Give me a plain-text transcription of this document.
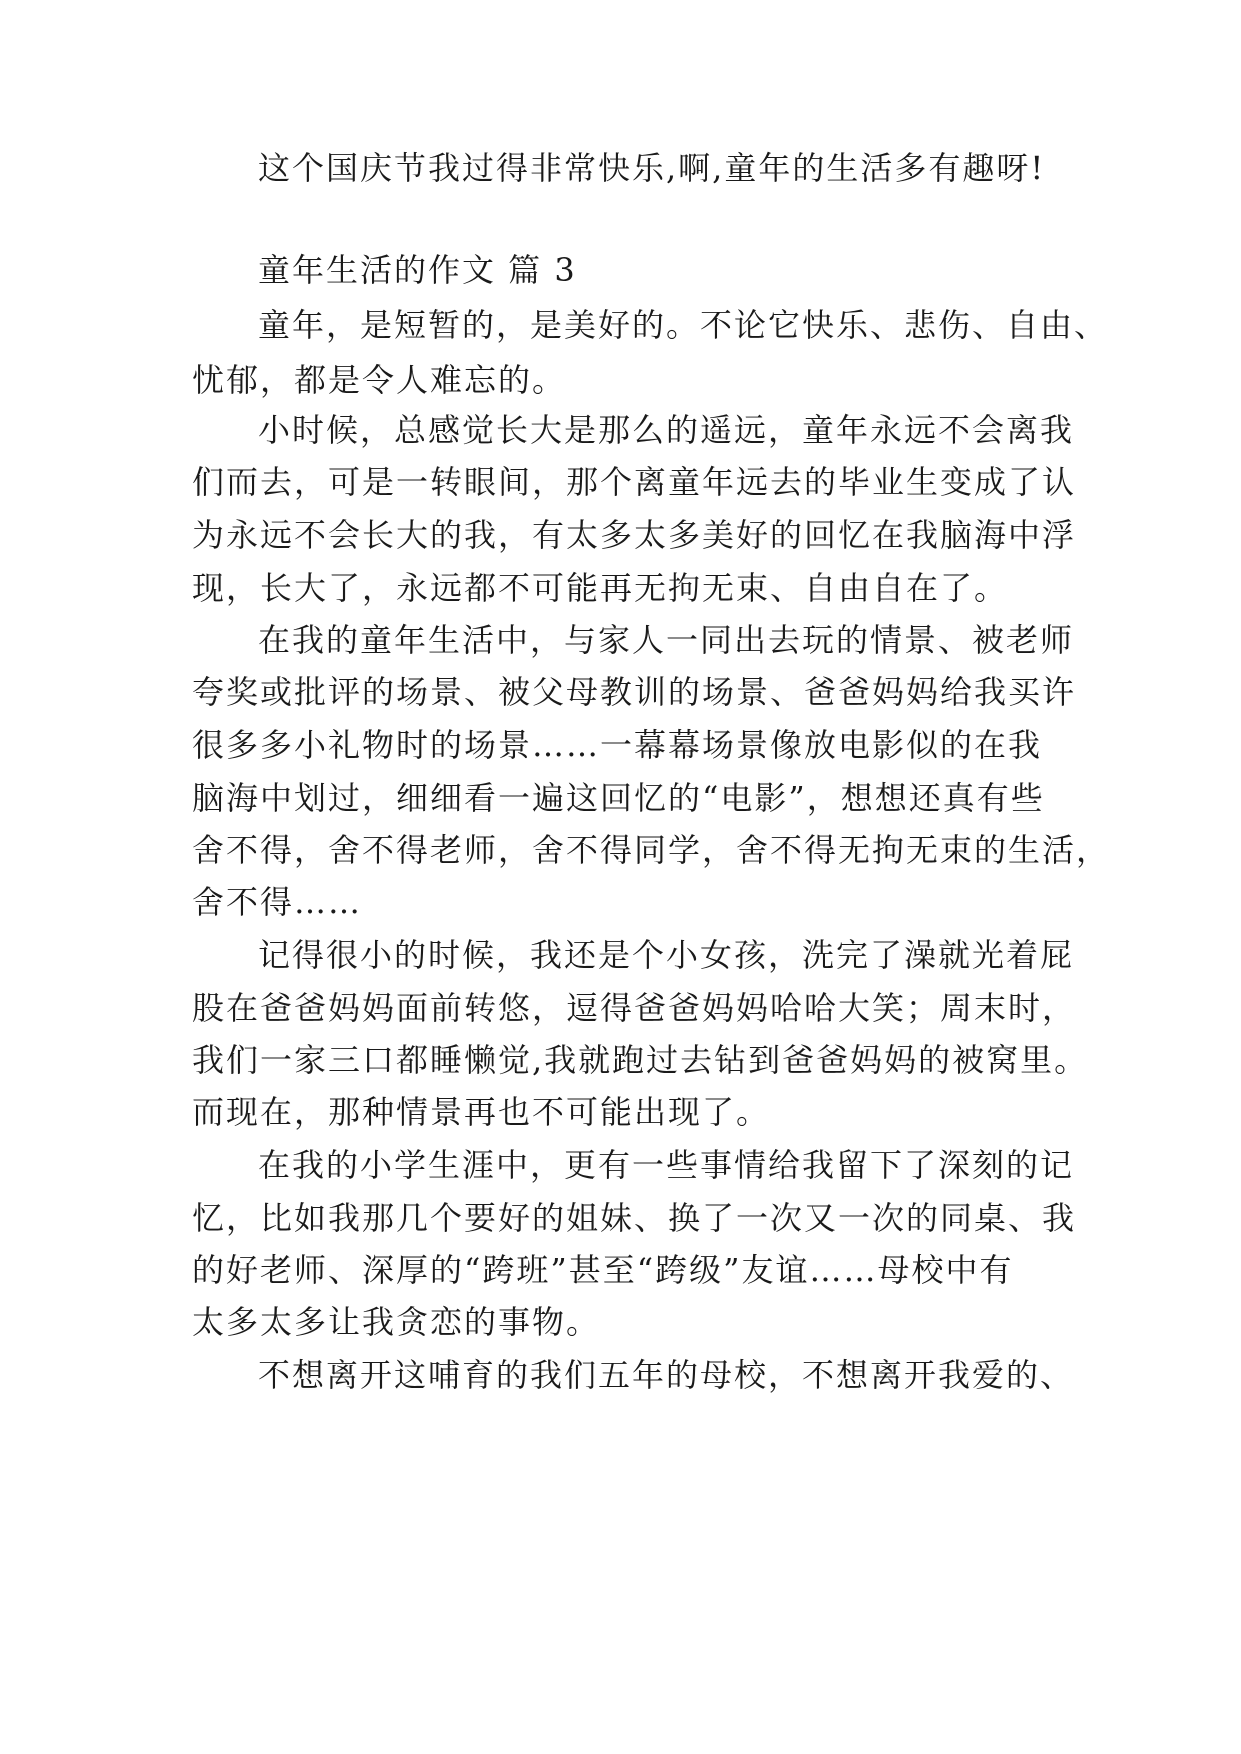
这个国庆节我过得非常快乐,啊,童年的生活多有趣呀!
童年生活的作文 篇 3
童年，是短暂的，是美好的。不论它快乐、悲伤、自由、
忧郁，都是令人难忘的。
小时候，总感觉长大是那么的遥远，童年永远不会离我
们而去，可是一转眼间，那个离童年远去的毕业生变成了认
为永远不会长大的我，有太多太多美好的回忆在我脑海中浮
现，长大了，永远都不可能再无拘无束、自由自在了。
在我的童年生活中，与家人一同出去玩的情景、被老师
夸奖或批评的场景、被父母教训的场景、爸爸妈妈给我买许
很多多小礼物时的场景……一幕幕场景像放电影似的在我
脑海中划过，细细看一遍这回忆的“电影”，想想还真有些
舍不得，舍不得老师，舍不得同学，舍不得无拘无束的生活，
舍不得……
记得很小的时候，我还是个小女孩，洗完了澡就光着屁
股在爸爸妈妈面前转悠，逗得爸爸妈妈哈哈大笑；周末时，
我们一家三口都睡懒觉,我就跑过去钻到爸爸妈妈的被窝里。
而现在，那种情景再也不可能出现了。
在我的小学生涯中，更有一些事情给我留下了深刻的记
忆，比如我那几个要好的姐妹、换了一次又一次的同桌、我
的好老师、深厚的“跨班”甚至“跨级”友谊……母校中有
太多太多让我贪恋的事物。
不想离开这哺育的我们五年的母校，不想离开我爱的、
